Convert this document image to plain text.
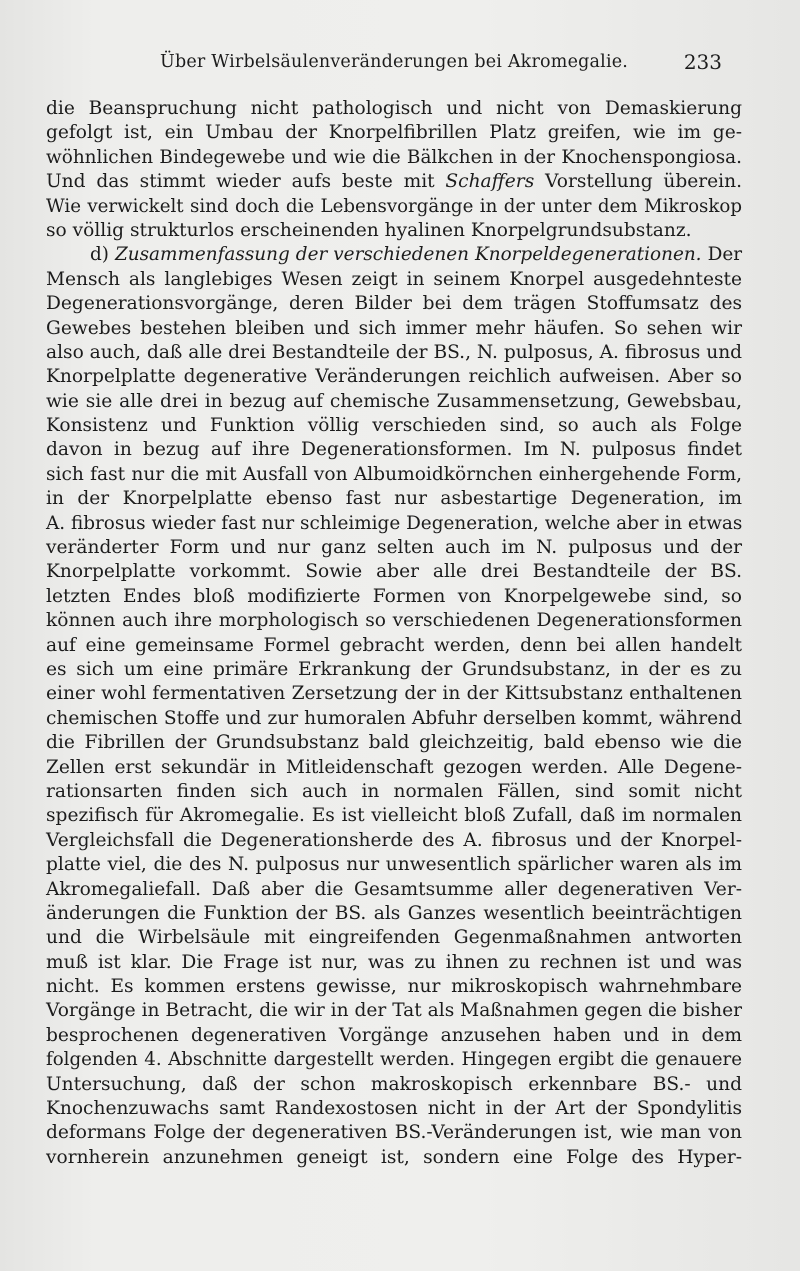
Über Wirbelsäulenveränderungen bei Akromegalie.	233
die Beanspruchung nicht pathologisch und nicht von Demaskierung
gefolgt ist, ein Umbau der Knorpelfibrillen Platz greifen, wie im ge-
wöhnlichen Bindegewebe und wie die Bälkchen in der Knochenspongiosa.
Und das stimmt wieder aufs beste mit Schaffers Vorstellung überein.
Wie verwickelt sind doch die Lebensvorgänge in der unter dem Mikroskop
so völlig strukturlos erscheinenden hyalinen Knorpelgrundsubstanz.
d) Zusammenfassung der verschiedenen Knorpeldegenerationen. Der
Mensch als langlebiges Wesen zeigt in seinem Knorpel ausgedehnteste
Degenerationsvorgänge, deren Bilder bei dem trägen Stoffumsatz des
Gewebes bestehen bleiben und sich immer mehr häufen. So sehen wir
also auch, daß alle drei Bestandteile der BS., N. pulposus, A. fibrosus und
Knorpelplatte degenerative Veränderungen reichlich aufweisen. Aber so
wie sie alle drei in bezug auf chemische Zusammensetzung, Gewebsbau,
Konsistenz und Funktion völlig verschieden sind, so auch als Folge
davon in bezug auf ihre Degenerationsformen. Im N. pulposus findet
sich fast nur die mit Ausfall von Albumoidkörnchen einhergehende Form,
in der Knorpelplatte ebenso fast nur asbestartige Degeneration, im
A. fibrosus wieder fast nur schleimige Degeneration, welche aber in etwas
veränderter Form und nur ganz selten auch im N. pulposus und der
Knorpelplatte vorkommt. Sowie aber alle drei Bestandteile der BS.
letzten Endes bloß modifizierte Formen von Knorpelgewebe sind, so
können auch ihre morphologisch so verschiedenen Degenerationsformen
auf eine gemeinsame Formel gebracht werden, denn bei allen handelt
es sich um eine primäre Erkrankung der Grundsubstanz, in der es zu
einer wohl fermentativen Zersetzung der in der Kittsubstanz enthaltenen
chemischen Stoffe und zur humoralen Abfuhr derselben kommt, während
die Fibrillen der Grundsubstanz bald gleichzeitig, bald ebenso wie die
Zellen erst sekundär in Mitleidenschaft gezogen werden. Alle Degene-
rationsarten finden sich auch in normalen Fällen, sind somit nicht
spezifisch für Akromegalie. Es ist vielleicht bloß Zufall, daß im normalen
Vergleichsfall die Degenerationsherde des A. fibrosus und der Knorpel-
platte viel, die des N. pulposus nur unwesentlich spärlicher waren als im
Akromegaliefall. Daß aber die Gesamtsumme aller degenerativen Ver-
änderungen die Funktion der BS. als Ganzes wesentlich beeinträchtigen
und die Wirbelsäule mit eingreifenden Gegenmaßnahmen antworten
muß ist klar. Die Frage ist nur, was zu ihnen zu rechnen ist und was
nicht. Es kommen erstens gewisse, nur mikroskopisch wahrnehmbare
Vorgänge in Betracht, die wir in der Tat als Maßnahmen gegen die bisher
besprochenen degenerativen Vorgänge anzusehen haben und in dem
folgenden 4. Abschnitte dargestellt werden. Hingegen ergibt die genauere
Untersuchung, daß der schon makroskopisch erkennbare BS.- und
Knochenzuwachs samt Randexostosen nicht in der Art der Spondylitis
deformans Folge der degenerativen BS.-Veränderungen ist, wie man von
vornherein anzunehmen geneigt ist, sondern eine Folge des Hyper-
